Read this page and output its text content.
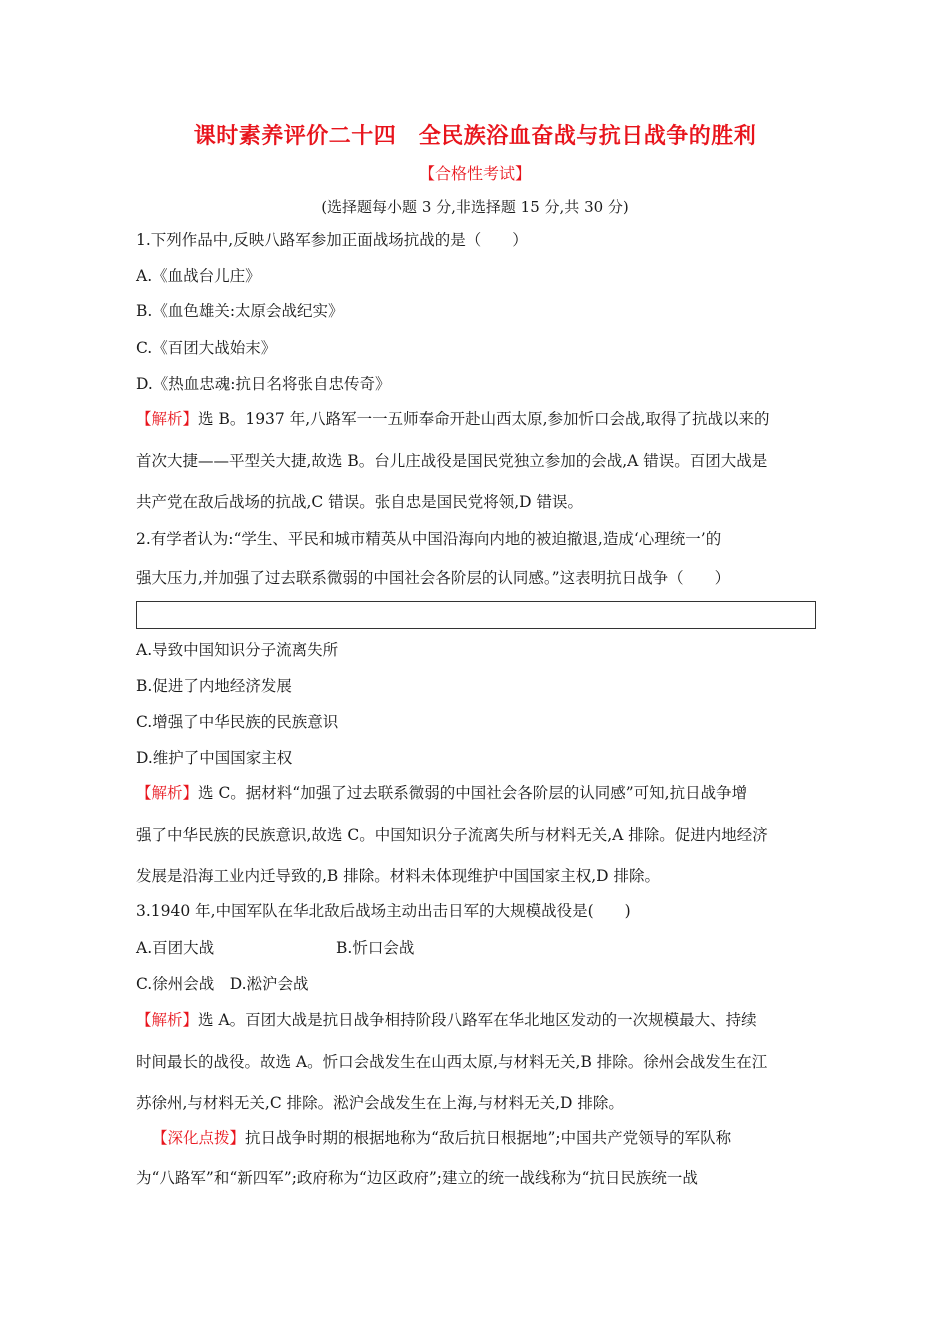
课时素养评价二十四　全民族浴血奋战与抗日战争的胜利
【合格性考试】
(选择题每小题 3 分,非选择题 15 分,共 30 分)
1.下列作品中,反映八路军参加正面战场抗战的是（　　）
A.《血战台儿庄》
B.《血色雄关:太原会战纪实》
C.《百团大战始末》
D.《热血忠魂:抗日名将张自忠传奇》
【解析】选 B。1937 年,八路军一一五师奉命开赴山西太原,参加忻口会战,取得了抗战以来的
首次大捷——平型关大捷,故选 B。台儿庄战役是国民党独立参加的会战,A 错误。百团大战是
共产党在敌后战场的抗战,C 错误。张自忠是国民党将领,D 错误。
2.有学者认为:“学生、平民和城市精英从中国沿海向内地的被迫撤退,造成‘心理统一’的
强大压力,并加强了过去联系微弱的中国社会各阶层的认同感。”这表明抗日战争（　　）
A.导致中国知识分子流离失所
B.促进了内地经济发展
C.增强了中华民族的民族意识
D.维护了中国国家主权
【解析】选 C。据材料“加强了过去联系微弱的中国社会各阶层的认同感”可知,抗日战争增
强了中华民族的民族意识,故选 C。中国知识分子流离失所与材料无关,A 排除。促进内地经济
发展是沿海工业内迁导致的,B 排除。材料未体现维护中国国家主权,D 排除。
3.1940 年,中国军队在华北敌后战场主动出击日军的大规模战役是(　　)
A.百团大战	B.忻口会战
C.徐州会战　D.淞沪会战
【解析】选 A。百团大战是抗日战争相持阶段八路军在华北地区发动的一次规模最大、持续
时间最长的战役。故选 A。忻口会战发生在山西太原,与材料无关,B 排除。徐州会战发生在江
苏徐州,与材料无关,C 排除。淞沪会战发生在上海,与材料无关,D 排除。
【深化点拨】抗日战争时期的根据地称为“敌后抗日根据地”;中国共产党领导的军队称
为“八路军”和“新四军”;政府称为“边区政府”;建立的统一战线称为“抗日民族统一战
